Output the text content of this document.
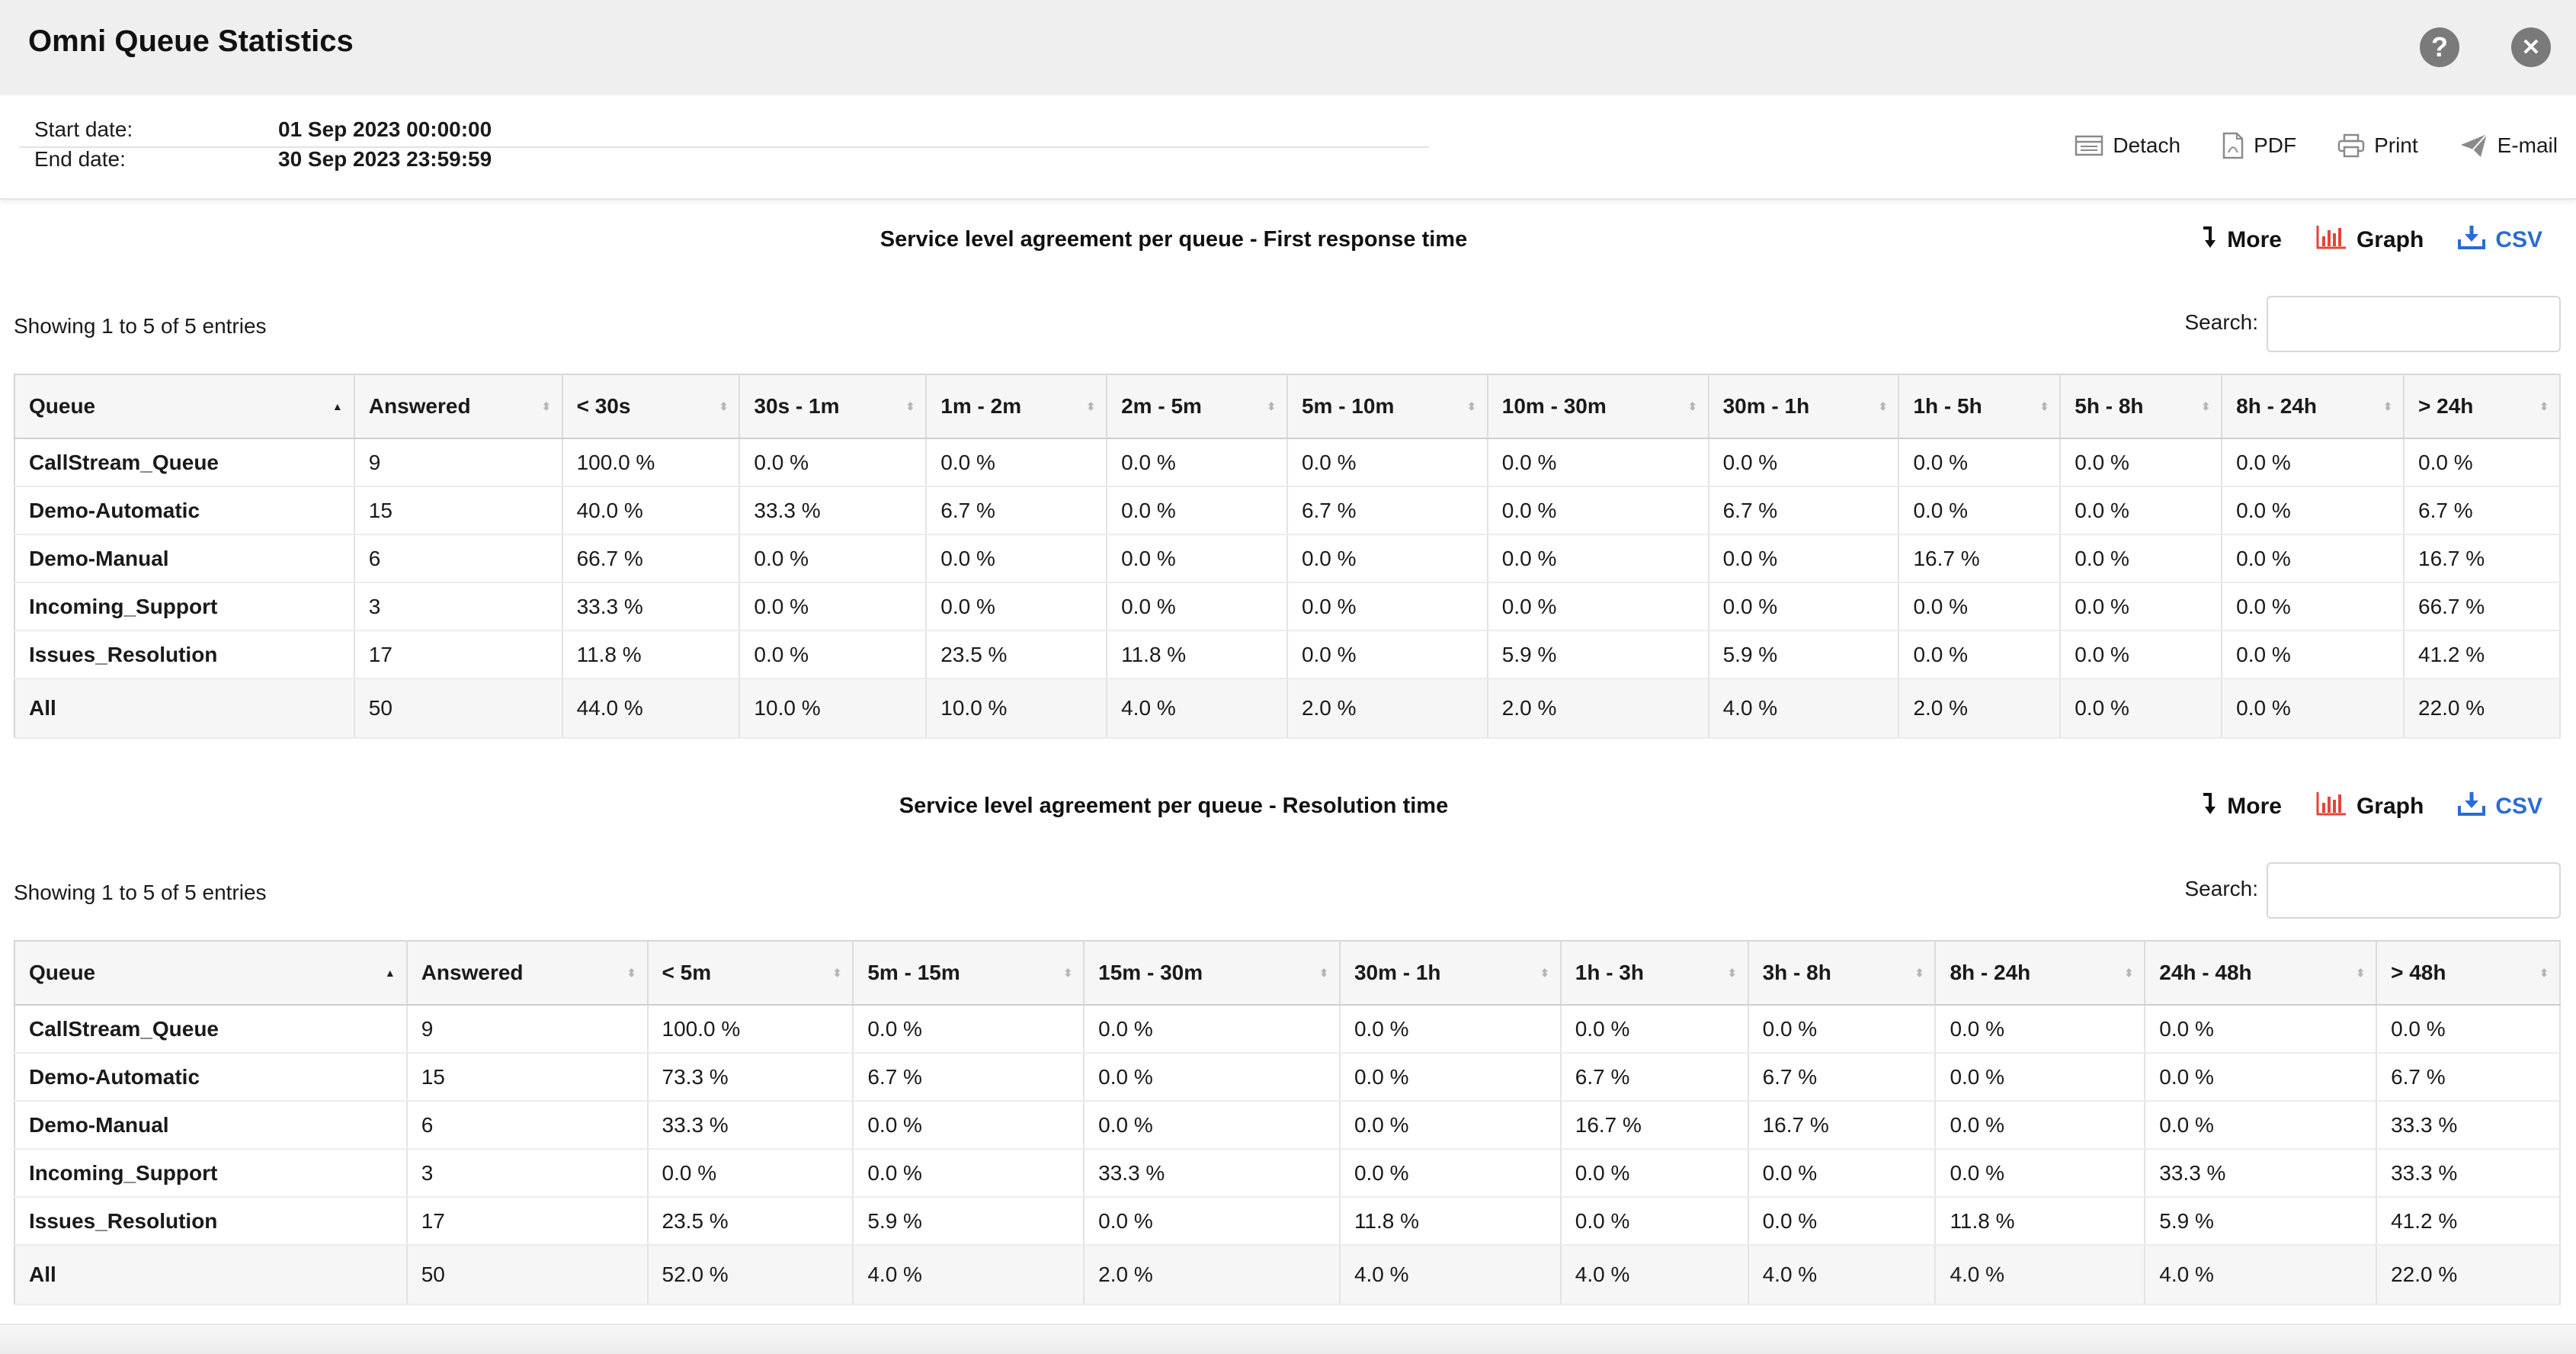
Omni Queue Statistics	?	✕
Start date:	01 Sep 2023 00:00:00
End date:	30 Sep 2023 23:59:59
Detach	PDF	Print	E-mail
Service level agreement per queue - First response time	More	Graph	CSV
Showing 1 to 5 of 5 entries	Search:
Queue ▲	Answered ⬍	< 30s ⬍	30s - 1m ⬍	1m - 2m ⬍	2m - 5m ⬍	5m - 10m ⬍	10m - 30m ⬍	30m - 1h ⬍	1h - 5h ⬍	5h - 8h ⬍	8h - 24h ⬍	> 24h ⬍

CallStream_Queue	9	100.0 %	0.0 %	0.0 %	0.0 %	0.0 %	0.0 %	0.0 %	0.0 %	0.0 %	0.0 %	0.0 %
Demo-Automatic	15	40.0 %	33.3 %	6.7 %	0.0 %	6.7 %	0.0 %	6.7 %	0.0 %	0.0 %	0.0 %	6.7 %
Demo-Manual	6	66.7 %	0.0 %	0.0 %	0.0 %	0.0 %	0.0 %	0.0 %	16.7 %	0.0 %	0.0 %	16.7 %
Incoming_Support	3	33.3 %	0.0 %	0.0 %	0.0 %	0.0 %	0.0 %	0.0 %	0.0 %	0.0 %	0.0 %	66.7 %
Issues_Resolution	17	11.8 %	0.0 %	23.5 %	11.8 %	0.0 %	5.9 %	5.9 %	0.0 %	0.0 %	0.0 %	41.2 %
All	50	44.0 %	10.0 %	10.0 %	4.0 %	2.0 %	2.0 %	4.0 %	2.0 %	0.0 %	0.0 %	22.0 %
Service level agreement per queue - Resolution time	More	Graph	CSV
Showing 1 to 5 of 5 entries	Search:
Queue ▲	Answered ⬍	< 5m ⬍	5m - 15m ⬍	15m - 30m ⬍	30m - 1h ⬍	1h - 3h ⬍	3h - 8h ⬍	8h - 24h ⬍	24h - 48h ⬍	> 48h ⬍

CallStream_Queue	9	100.0 %	0.0 %	0.0 %	0.0 %	0.0 %	0.0 %	0.0 %	0.0 %	0.0 %
Demo-Automatic	15	73.3 %	6.7 %	0.0 %	0.0 %	6.7 %	6.7 %	0.0 %	0.0 %	6.7 %
Demo-Manual	6	33.3 %	0.0 %	0.0 %	0.0 %	16.7 %	16.7 %	0.0 %	0.0 %	33.3 %
Incoming_Support	3	0.0 %	0.0 %	33.3 %	0.0 %	0.0 %	0.0 %	0.0 %	33.3 %	33.3 %
Issues_Resolution	17	23.5 %	5.9 %	0.0 %	11.8 %	0.0 %	0.0 %	11.8 %	5.9 %	41.2 %
All	50	52.0 %	4.0 %	2.0 %	4.0 %	4.0 %	4.0 %	4.0 %	4.0 %	22.0 %
